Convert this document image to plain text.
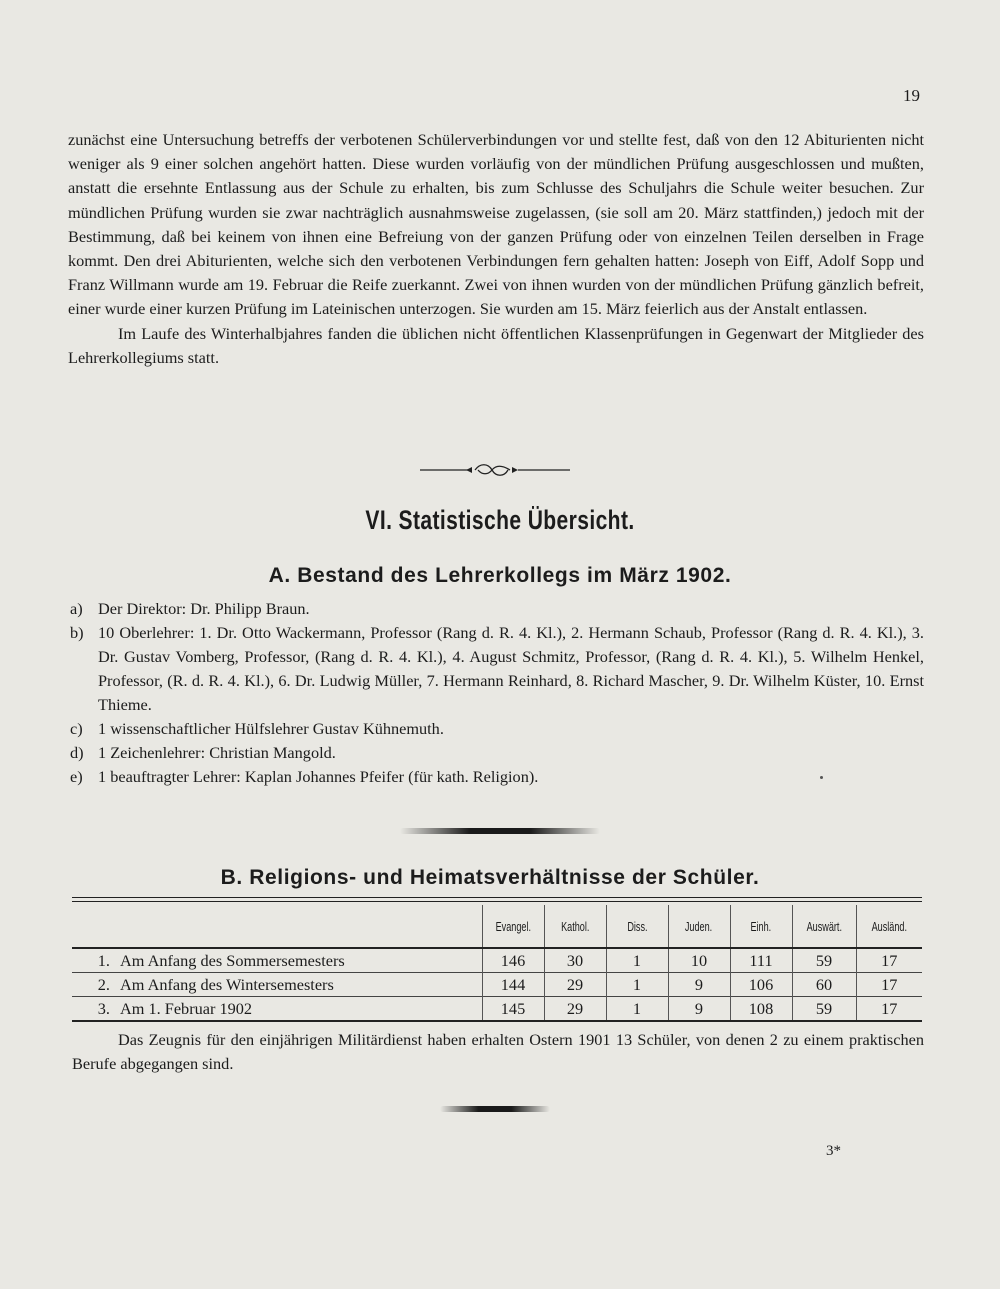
19

zunächst eine Untersuchung betreffs der verbotenen Schülerverbindungen vor und stellte fest, daß von den 12 Abiturienten nicht weniger als 9 einer solchen angehört hatten. Diese wurden vorläufig von der mündlichen Prüfung ausgeschlossen und mußten, anstatt die ersehnte Entlassung aus der Schule zu erhalten, bis zum Schlusse des Schuljahrs die Schule weiter besuchen. Zur mündlichen Prüfung wurden sie zwar nachträglich ausnahmsweise zugelassen, (sie soll am 20. März stattfinden,) jedoch mit der Bestimmung, daß bei keinem von ihnen eine Befreiung von der ganzen Prüfung oder von einzelnen Teilen derselben in Frage kommt. Den drei Abiturienten, welche sich den verbotenen Verbindungen fern gehalten hatten: Joseph von Eiff, Adolf Sopp und Franz Willmann wurde am 19. Februar die Reife zuerkannt. Zwei von ihnen wurden von der mündlichen Prüfung gänzlich befreit, einer wurde einer kurzen Prüfung im Lateinischen unterzogen. Sie wurden am 15. März feierlich aus der Anstalt entlassen.

Im Laufe des Winterhalbjahres fanden die üblichen nicht öffentlichen Klassenprüfungen in Gegenwart der Mitglieder des Lehrerkollegiums statt.

VI. Statistische Übersicht.
A. Bestand des Lehrerkollegs im März 1902.
a) Der Direktor: Dr. Philipp Braun.
b) 10 Oberlehrer: 1. Dr. Otto Wackermann, Professor (Rang d. R. 4. Kl.), 2. Hermann Schaub, Professor (Rang d. R. 4. Kl.), 3. Dr. Gustav Vomberg, Professor, (Rang d. R. 4. Kl.), 4. August Schmitz, Professor, (Rang d. R. 4. Kl.), 5. Wilhelm Henkel, Professor, (R. d. R. 4. Kl.), 6. Dr. Ludwig Müller, 7. Hermann Reinhard, 8. Richard Mascher, 9. Dr. Wilhelm Küster, 10. Ernst Thieme.
c) 1 wissenschaftlicher Hülfslehrer Gustav Kühnemuth.
d) 1 Zeichenlehrer: Christian Mangold.
e) 1 beauftragter Lehrer: Kaplan Johannes Pfeifer (für kath. Religion).
B. Religions- und Heimatsverhältnisse der Schüler.
	Evangel.	Kathol.	Diss.	Juden.	Einh.	Auswärt.	Ausländ.
1. Am Anfang des Sommersemesters	146	30	1	10	111	59	17
2. Am Anfang des Wintersemesters	144	29	1	9	106	60	17
3. Am 1. Februar 1902	145	29	1	9	108	59	17

Das Zeugnis für den einjährigen Militärdienst haben erhalten Ostern 1901 13 Schüler, von denen 2 zu einem praktischen Berufe abgegangen sind.

3*
